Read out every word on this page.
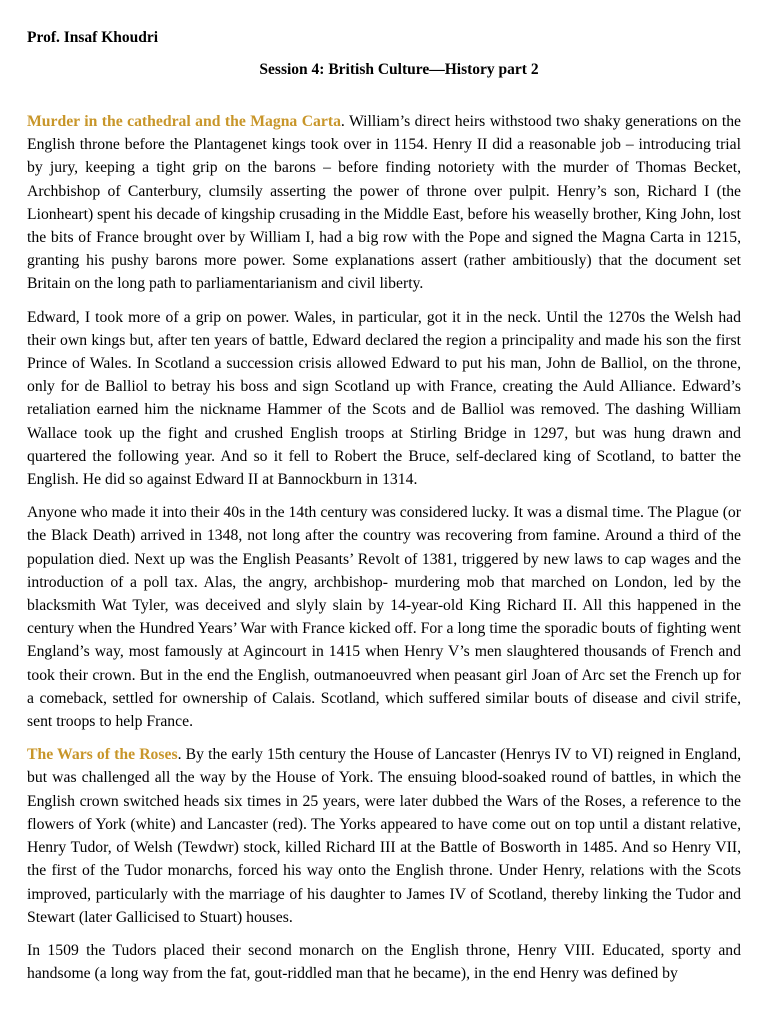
Prof. Insaf Khoudri

Session 4: British Culture—History part 2

Murder in the cathedral and the Magna Carta. William’s direct heirs withstood two shaky generations on the English throne before the Plantagenet kings took over in 1154. Henry II did a reasonable job – introducing trial by jury, keeping a tight grip on the barons – before finding notoriety with the murder of Thomas Becket, Archbishop of Canterbury, clumsily asserting the power of throne over pulpit. Henry’s son, Richard I (the Lionheart) spent his decade of kingship crusading in the Middle East, before his weaselly brother, King John, lost the bits of France brought over by William I, had a big row with the Pope and signed the Magna Carta in 1215, granting his pushy barons more power. Some explanations assert (rather ambitiously) that the document set Britain on the long path to parliamentarianism and civil liberty.

Edward, I took more of a grip on power. Wales, in particular, got it in the neck. Until the 1270s the Welsh had their own kings but, after ten years of battle, Edward declared the region a principality and made his son the first Prince of Wales. In Scotland a succession crisis allowed Edward to put his man, John de Balliol, on the throne, only for de Balliol to betray his boss and sign Scotland up with France, creating the Auld Alliance. Edward’s retaliation earned him the nickname Hammer of the Scots and de Balliol was removed. The dashing William Wallace took up the fight and crushed English troops at Stirling Bridge in 1297, but was hung drawn and quartered the following year. And so it fell to Robert the Bruce, self-declared king of Scotland, to batter the English. He did so against Edward II at Bannockburn in 1314.

Anyone who made it into their 40s in the 14th century was considered lucky. It was a dismal time. The Plague (or the Black Death) arrived in 1348, not long after the country was recovering from famine. Around a third of the population died. Next up was the English Peasants’ Revolt of 1381, triggered by new laws to cap wages and the introduction of a poll tax. Alas, the angry, archbishop- murdering mob that marched on London, led by the blacksmith Wat Tyler, was deceived and slyly slain by 14-year-old King Richard II. All this happened in the century when the Hundred Years’ War with France kicked off. For a long time the sporadic bouts of fighting went England’s way, most famously at Agincourt in 1415 when Henry V’s men slaughtered thousands of French and took their crown. But in the end the English, outmanoeuvred when peasant girl Joan of Arc set the French up for a comeback, settled for ownership of Calais. Scotland, which suffered similar bouts of disease and civil strife, sent troops to help France.

The Wars of the Roses. By the early 15th century the House of Lancaster (Henrys IV to VI) reigned in England, but was challenged all the way by the House of York. The ensuing blood-soaked round of battles, in which the English crown switched heads six times in 25 years, were later dubbed the Wars of the Roses, a reference to the flowers of York (white) and Lancaster (red). The Yorks appeared to have come out on top until a distant relative, Henry Tudor, of Welsh (Tewdwr) stock, killed Richard III at the Battle of Bosworth in 1485. And so Henry VII, the first of the Tudor monarchs, forced his way onto the English throne. Under Henry, relations with the Scots improved, particularly with the marriage of his daughter to James IV of Scotland, thereby linking the Tudor and Stewart (later Gallicised to Stuart) houses.

In 1509 the Tudors placed their second monarch on the English throne, Henry VIII. Educated, sporty and handsome (a long way from the fat, gout-riddled man that he became), in the end Henry was defined by
